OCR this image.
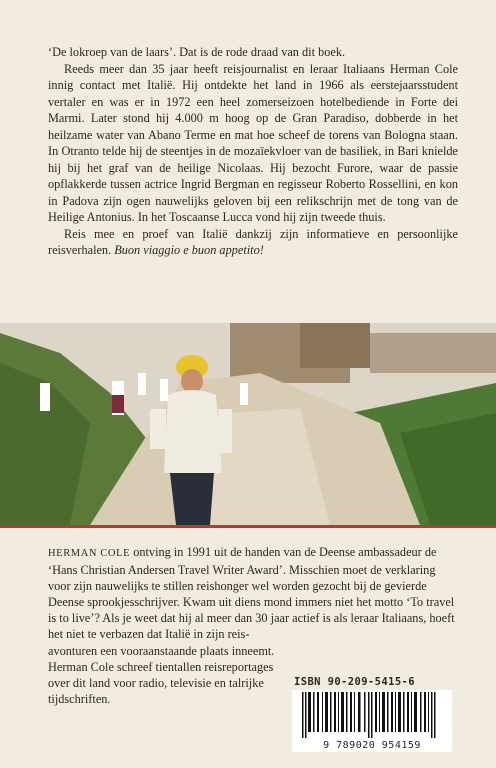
‘De lokroep van de laars’. Dat is de rode draad van dit boek.

Reeds meer dan 35 jaar heeft reisjournalist en leraar Italiaans Herman Cole innig contact met Italië. Hij ontdekte het land in 1966 als eerstejaarsstudent vertaler en was er in 1972 een heel zomerseizoen hotelbediende in Forte dei Marmi. Later stond hij 4.000 m hoog op de Gran Paradiso, dobberde in het heilzame water van Abano Terme en mat hoe scheef de torens van Bologna staan. In Otranto telde hij de steentjes in de mozaïekvloer van de basiliek, in Bari knielde hij bij het graf van de heilige Nicolaas. Hij bezocht Furore, waar de passie opflakkerde tussen actrice Ingrid Bergman en regisseur Roberto Rossellini, en kon in Padova zijn ogen nauwelijks geloven bij een relikschrijn met de tong van de Heilige Antonius. In het Toscaanse Lucca vond hij zijn tweede thuis.

Reis mee en proef van Italië dankzij zijn informatieve en persoonlijke reisverhalen. Buon viaggio e buon appetito!

HERMAN COLE ontving in 1991 uit de handen van de Deense ambassadeur de ‘Hans Christian Andersen Travel Writer Award’. Misschien moet de verklaring voor zijn nauwelijks te stillen reishonger wel worden gezocht bij de gevierde Deense sprookjesschrijver. Kwam uit diens mond immers niet het motto ‘To travel is to live’? Als je weet dat hij al meer dan 30 jaar actief is als leraar Italiaans, hoeft het niet te verbazen dat Italië in zijn reis-

avonturen een vooraanstaande plaats inneemt. Herman Cole schreef tientallen reisreportages over dit land voor radio, televisie en talrijke tijdschriften.

ISBN 90-209-5415-6
9 789020 954159
